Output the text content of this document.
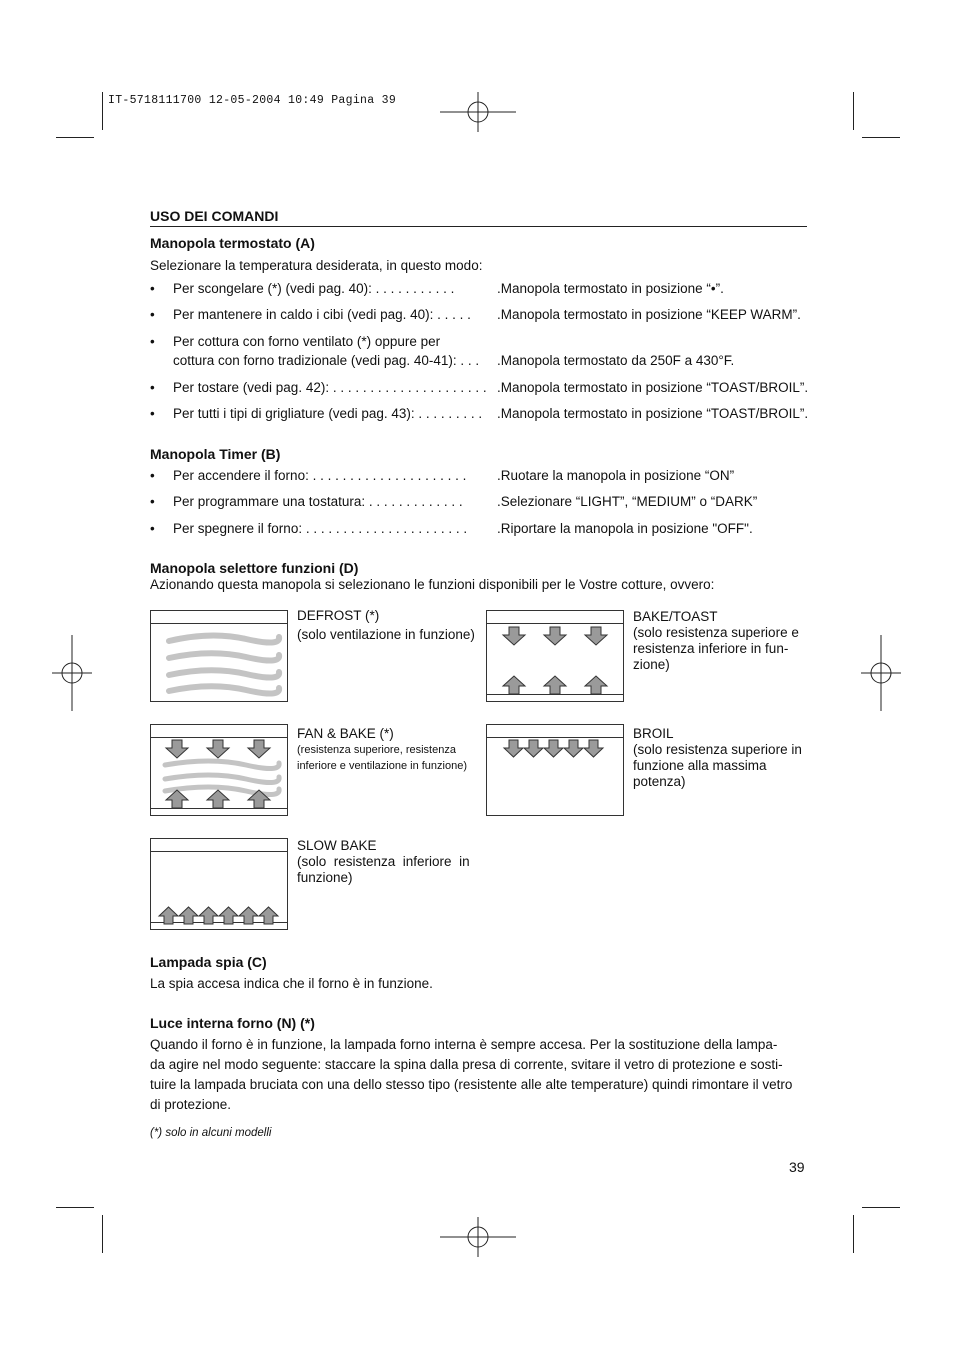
IT-5718111700 12-05-2004 10:49 Pagina 39
USO DEI COMANDI
Manopola termostato (A)
Selezionare la temperatura desiderata, in questo modo:
• Per scongelare (*) (vedi pag. 40): . . . . . . . . . . .	.Manopola termostato in posizione “•”.
• Per mantenere in caldo i cibi (vedi pag. 40): . . . . . .Manopola termostato in posizione “KEEP WARM”.
• Per cottura con forno ventilato (*) oppure per
cottura con forno tradizionale (vedi pag. 40-41): . . . .Manopola termostato da 250F a 430°F.
• Per tostare (vedi pag. 42): . . . . . . . . . . . . . . . . . . . . . .Manopola termostato in posizione “TOAST/BROIL”.
• Per tutti i tipi di grigliature (vedi pag. 43): . . . . . . . . . .Manopola termostato in posizione “TOAST/BROIL”.
Manopola Timer (B)
• Per accendere il forno: . . . . . . . . . . . . . . . . . . . . . .Ruotare la manopola in posizione “ON”
• Per programmare una tostatura: . . . . . . . . . . . . .	.Selezionare “LIGHT”, “MEDIUM” o “DARK”
• Per spegnere il forno: . . . . . . . . . . . . . . . . . . . . . . .Riportare la manopola in posizione "OFF".
Manopola selettore funzioni (D)
Azionando questa manopola si selezionano le funzioni disponibili per le Vostre cotture, ovvero:
DEFROST (*)
(solo ventilazione in funzione)
BAKE/TOAST
(solo resistenza superiore e
resistenza inferiore in fun-
zione)
FAN & BAKE (*)
(resistenza superiore, resistenza
inferiore e ventilazione in funzione)
BROIL
(solo resistenza superiore in
funzione alla massima
potenza)
SLOW BAKE
(solo  resistenza  inferiore  in
funzione)
Lampada spia (C)
La spia accesa indica che il forno è in funzione.
Luce interna forno (N) (*)
Quando il forno è in funzione, la lampada forno interna è sempre accesa. Per la sostituzione della lampa-
da agire nel modo seguente: staccare la spina dalla presa di corrente, svitare il vetro di protezione e sosti-
tuire la lampada bruciata con una dello stesso tipo (resistente alle alte temperature) quindi rimontare il vetro
di protezione.
(*) solo in alcuni modelli
39
